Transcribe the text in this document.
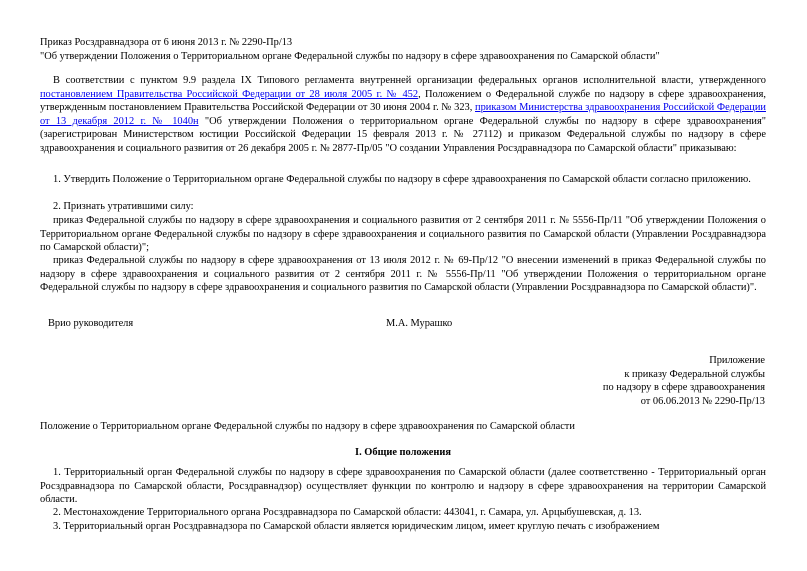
Приказ Росздравнадзора от 6 июня 2013 г. № 2290-Пр/13
"Об утверждении Положения о Территориальном органе Федеральной службы по надзору в сфере здравоохранения по Самарской области"

В соответствии с пунктом 9.9 раздела IX Типового регламента внутренней организации федеральных органов исполнительной власти, утвержденного постановлением Правительства Российской Федерации от 28 июля 2005 г. № 452, Положением о Федеральной службе по надзору в сфере здравоохранения, утвержденным постановлением Правительства Российской Федерации от 30 июня 2004 г. № 323, приказом Министерства здравоохранения Российской Федерации от 13 декабря 2012 г. № 1040н "Об утверждении Положения о территориальном органе Федеральной службы по надзору в сфере здравоохранения" (зарегистрирован Министерством юстиции Российской Федерации 15 февраля 2013 г. № 27112) и приказом Федеральной службы по надзору в сфере здравоохранения и социального развития от 26 декабря 2005 г. № 2877-Пр/05 "О создании Управления Росздравнадзора по Самарской области" приказываю:

1. Утвердить Положение о Территориальном органе Федеральной службы по надзору в сфере здравоохранения по Самарской области согласно приложению.

2. Признать утратившими силу:

приказ Федеральной службы по надзору в сфере здравоохранения и социального развития от 2 сентября 2011 г. № 5556-Пр/11 "Об утверждении Положения о Территориальном органе Федеральной службы по надзору в сфере здравоохранения и социального развития по Самарской области (Управлении Росздравнадзора по Самарской области)";

приказ Федеральной службы по надзору в сфере здравоохранения от 13 июля 2012 г. № 69-Пр/12 "О внесении изменений в приказ Федеральной службы по надзору в сфере здравоохранения и социального развития от 2 сентября 2011 г. № 5556-Пр/11 "Об утверждении Положения о территориальном органе Федеральной службы по надзору в сфере здравоохранения и социального развития по Самарской области (Управлении Росздравнадзора по Самарской области)".

Врио руководителя	М.А. Мурашко
Приложение
к приказу Федеральной службы
по надзору в сфере здравоохранения
от 06.06.2013 № 2290-Пр/13

Положение о Территориальном органе Федеральной службы по надзору в сфере здравоохранения по Самарской области

I. Общие положения

1. Территориальный орган Федеральной службы по надзору в сфере здравоохранения по Самарской области (далее соответственно - Территориальный орган Росздравнадзора по Самарской области, Росздравнадзор) осуществляет функции по контролю и надзору в сфере здравоохранения на территории Самарской области.

2. Местонахождение Территориального органа Росздравнадзора по Самарской области: 443041, г. Самара, ул. Арцыбушевская, д. 13.

3. Территориальный орган Росздравнадзора по Самарской области является юридическим лицом, имеет круглую печать с изображением
